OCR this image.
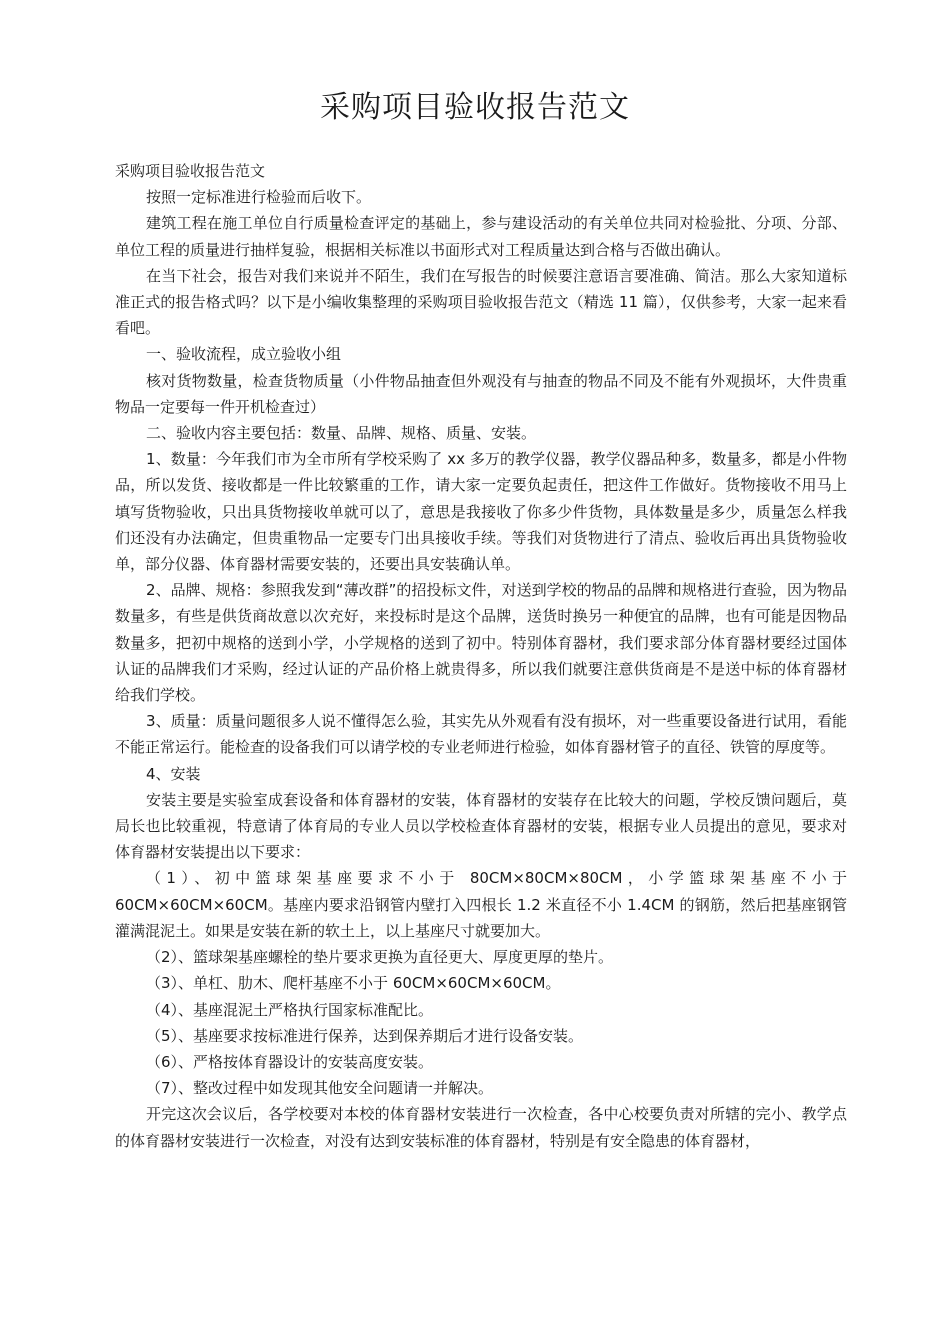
采购项目验收报告范文

采购项目验收报告范文

按照一定标准进行检验而后收下。

建筑工程在施工单位自行质量检查评定的基础上，参与建设活动的有关单位共同对检验批、分项、分部、单位工程的质量进行抽样复验，根据相关标准以书面形式对工程质量达到合格与否做出确认。

在当下社会，报告对我们来说并不陌生，我们在写报告的时候要注意语言要准确、简洁。那么大家知道标准正式的报告格式吗？以下是小编收集整理的采购项目验收报告范文（精选 11 篇），仅供参考，大家一起来看看吧。

一、验收流程，成立验收小组

核对货物数量，检查货物质量（小件物品抽查但外观没有与抽查的物品不同及不能有外观损坏，大件贵重物品一定要每一件开机检查过）

二、验收内容主要包括：数量、品牌、规格、质量、安装。

1、数量：今年我们市为全市所有学校采购了 xx 多万的教学仪器，教学仪器品种多，数量多，都是小件物品，所以发货、接收都是一件比较繁重的工作，请大家一定要负起责任，把这件工作做好。货物接收不用马上填写货物验收，只出具货物接收单就可以了，意思是我接收了你多少件货物，具体数量是多少，质量怎么样我们还没有办法确定，但贵重物品一定要专门出具接收手续。等我们对货物进行了清点、验收后再出具货物验收单，部分仪器、体育器材需要安装的，还要出具安装确认单。

2、品牌、规格：参照我发到“薄改群”的招投标文件，对送到学校的物品的品牌和规格进行查验，因为物品数量多，有些是供货商故意以次充好，来投标时是这个品牌，送货时换另一种便宜的品牌，也有可能是因物品数量多，把初中规格的送到小学，小学规格的送到了初中。特别体育器材，我们要求部分体育器材要经过国体认证的品牌我们才采购，经过认证的产品价格上就贵得多，所以我们就要注意供货商是不是送中标的体育器材给我们学校。

3、质量：质量问题很多人说不懂得怎么验，其实先从外观看有没有损坏，对一些重要设备进行试用，看能不能正常运行。能检查的设备我们可以请学校的专业老师进行检验，如体育器材管子的直径、铁管的厚度等。

4、安装

安装主要是实验室成套设备和体育器材的安装，体育器材的安装存在比较大的问题，学校反馈问题后，莫局长也比较重视，特意请了体育局的专业人员以学校检查体育器材的安装，根据专业人员提出的意见，要求对体育器材安装提出以下要求：

（1）、初中篮球架基座要求不小于 80CM×80CM×80CM，小学篮球架基座不小于 60CM×60CM×60CM。基座内要求沿钢管内壁打入四根长 1.2 米直径不小 1.4CM 的钢筋，然后把基座钢管灌满混泥土。如果是安装在新的软土上，以上基座尺寸就要加大。

（2）、篮球架基座螺栓的垫片要求更换为直径更大、厚度更厚的垫片。

（3）、单杠、肋木、爬杆基座不小于 60CM×60CM×60CM。

（4）、基座混泥土严格执行国家标准配比。

（5）、基座要求按标准进行保养，达到保养期后才进行设备安装。

（6）、严格按体育器设计的安装高度安装。

（7）、整改过程中如发现其他安全问题请一并解决。

开完这次会议后，各学校要对本校的体育器材安装进行一次检查，各中心校要负责对所辖的完小、教学点的体育器材安装进行一次检查，对没有达到安装标准的体育器材，特别是有安全隐患的体育器材，
